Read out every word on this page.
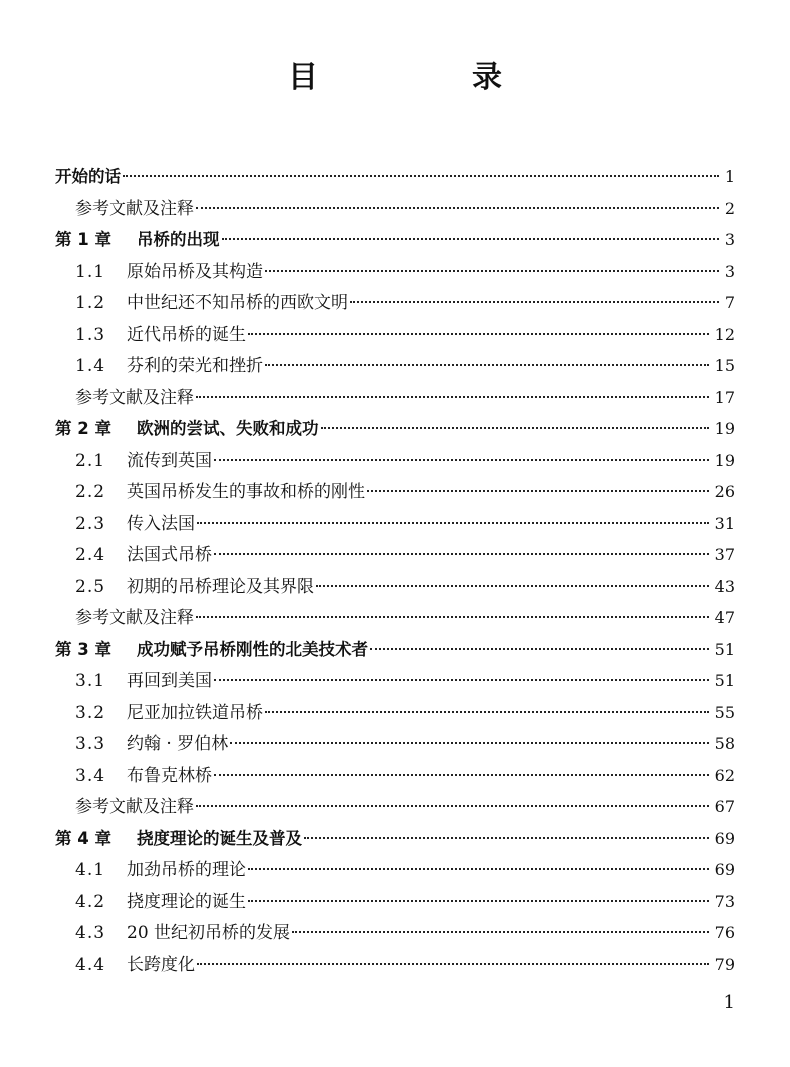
目　录
开始的话	1
参考文献及注释	2
第 1 章	吊桥的出现	3
1.1	原始吊桥及其构造	3
1.2	中世纪还不知吊桥的西欧文明	7
1.3	近代吊桥的诞生	12
1.4	芬利的荣光和挫折	15
参考文献及注释	17
第 2 章	欧洲的尝试、失败和成功	19
2.1	流传到英国	19
2.2	英国吊桥发生的事故和桥的刚性	26
2.3	传入法国	31
2.4	法国式吊桥	37
2.5	初期的吊桥理论及其界限	43
参考文献及注释	47
第 3 章	成功赋予吊桥刚性的北美技术者	51
3.1	再回到美国	51
3.2	尼亚加拉铁道吊桥	55
3.3	约翰 · 罗伯林	58
3.4	布鲁克林桥	62
参考文献及注释	67
第 4 章	挠度理论的诞生及普及	69
4.1	加劲吊桥的理论	69
4.2	挠度理论的诞生	73
4.3	20 世纪初吊桥的发展	76
4.4	长跨度化	79
1
